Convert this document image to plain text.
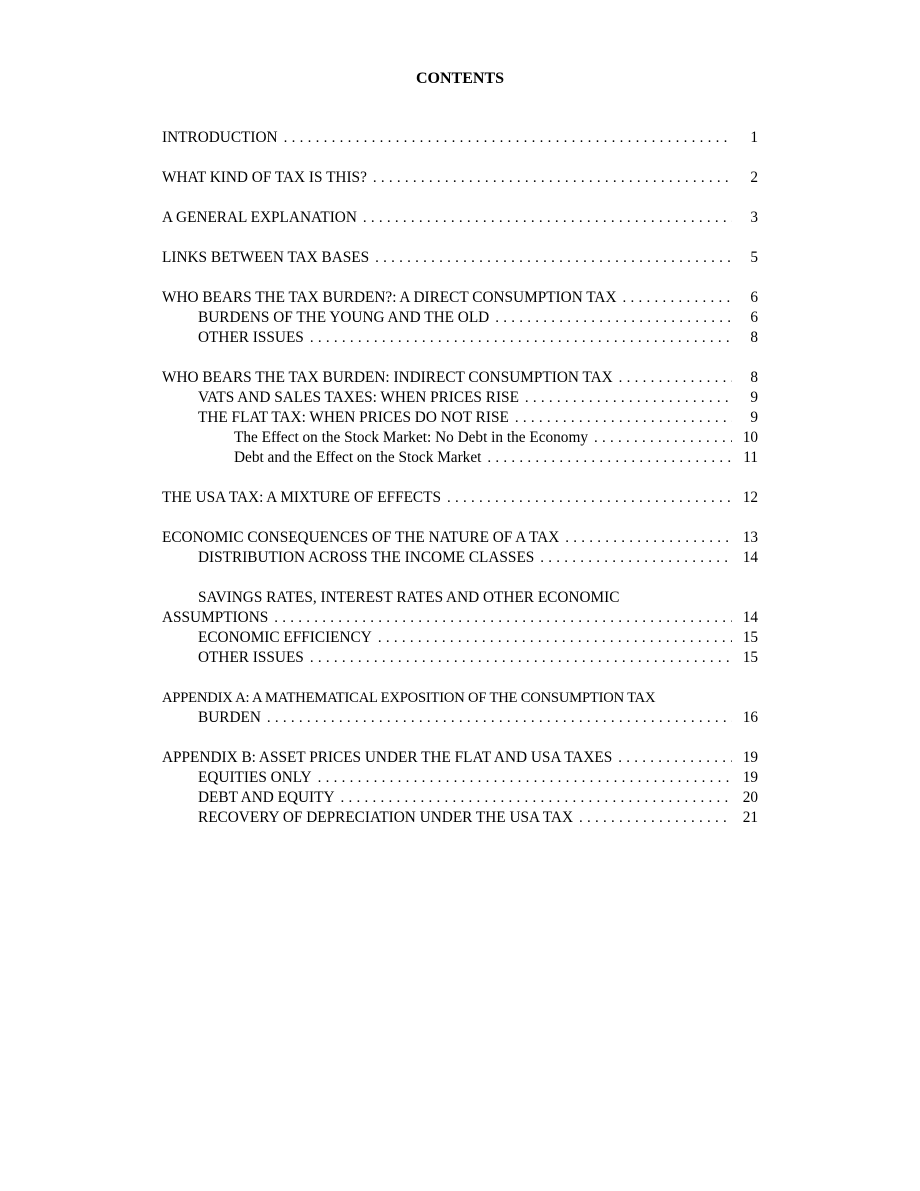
CONTENTS
INTRODUCTION . . .	1
WHAT KIND OF TAX IS THIS? . . .	2
A GENERAL EXPLANATION . . .	3
LINKS BETWEEN TAX BASES . . .	5
WHO BEARS THE TAX BURDEN?: A DIRECT CONSUMPTION TAX . . .	6
BURDENS OF THE YOUNG AND THE OLD . . .	6
OTHER ISSUES . . .	8
WHO BEARS THE TAX BURDEN: INDIRECT CONSUMPTION TAX . . .	8
VATS AND SALES TAXES: WHEN PRICES RISE . . .	9
THE FLAT TAX: WHEN PRICES DO NOT RISE . . .	9
The Effect on the Stock Market: No Debt in the Economy . . .	10
Debt and the Effect on the Stock Market . . .	11
THE USA TAX: A MIXTURE OF EFFECTS . . .	12
ECONOMIC CONSEQUENCES OF THE NATURE OF A TAX . . .	13
DISTRIBUTION ACROSS THE INCOME CLASSES . . .	14
SAVINGS RATES, INTEREST RATES AND OTHER ECONOMIC
ASSUMPTIONS . . .	14
ECONOMIC EFFICIENCY . . .	15
OTHER ISSUES . . .	15
APPENDIX A: A MATHEMATICAL EXPOSITION OF THE CONSUMPTION TAX
BURDEN . . .	16
APPENDIX B: ASSET PRICES UNDER THE FLAT AND USA TAXES . . .	19
EQUITIES ONLY . . .	19
DEBT AND EQUITY . . .	20
RECOVERY OF DEPRECIATION UNDER THE USA TAX . . .	21
